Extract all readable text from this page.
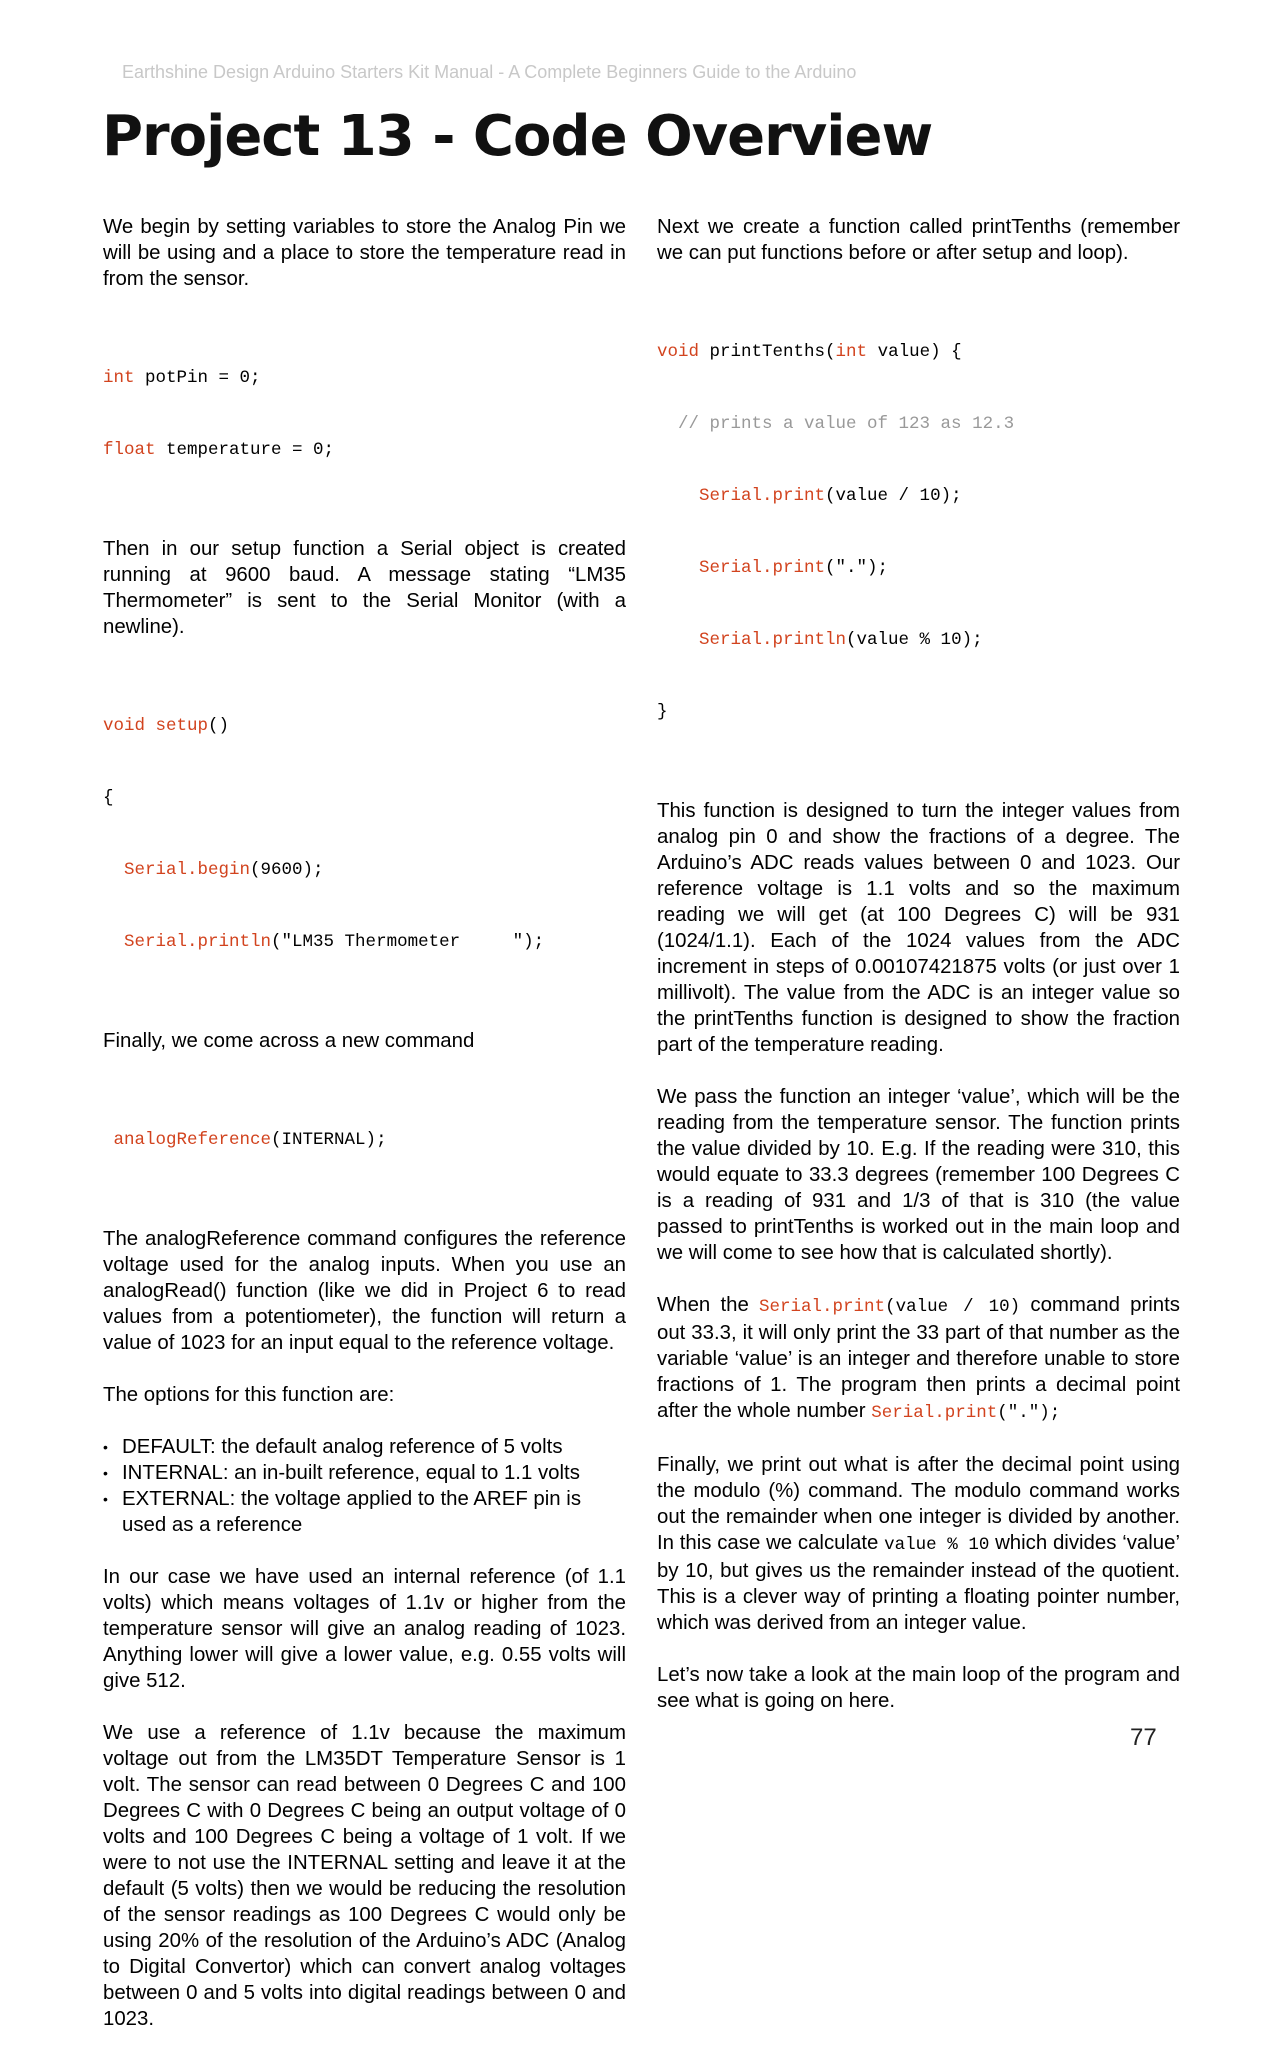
Earthshine Design Arduino Starters Kit Manual - A Complete Beginners Guide to the Arduino
Project 13 - Code Overview

We begin by setting variables to store the Analog Pin we will be using and a place to store the temperature read in from the sensor.

int potPin = 0;

float temperature = 0;

Then in our setup function a Serial object is created running at 9600 baud. A message stating “LM35 Thermometer” is sent to the Serial Monitor (with a newline).

void setup()

{

Serial.begin(9600);

Serial.println("LM35 Thermometer     ");

Finally, we come across a new command

analogReference(INTERNAL);

The analogReference command configures the reference voltage used for the analog inputs. When you use an analogRead() function (like we did in Project 6 to read values from a potentiometer), the function will return a value of 1023 for an input equal to the reference voltage.

The options for this function are:

• DEFAULT: the default analog reference of 5 volts
• INTERNAL: an in-built reference, equal to 1.1 volts
• EXTERNAL: the voltage applied to the AREF pin is used as a reference

In our case we have used an internal reference (of 1.1 volts) which means voltages of 1.1v or higher from the temperature sensor will give an analog reading of 1023. Anything lower will give a lower value, e.g. 0.55 volts will give 512.

We use a reference of 1.1v because the maximum voltage out from the LM35DT Temperature Sensor is 1 volt. The sensor can read between 0 Degrees C and 100 Degrees C with 0 Degrees C being an output voltage of 0 volts and 100 Degrees C being a voltage of 1 volt. If we were to not use the INTERNAL setting and leave it at the default (5 volts) then we would be reducing the resolution of the sensor readings as 100 Degrees C would only be using 20% of the resolution of the Arduino’s ADC (Analog to Digital Convertor) which can convert analog voltages between 0 and 5 volts into digital readings between 0 and 1023.

Next we create a function called printTenths (remember we can put functions before or after setup and loop).

void printTenths(int value) {

// prints a value of 123 as 12.3

Serial.print(value / 10);

Serial.print(".");

Serial.println(value % 10);

}

This function is designed to turn the integer values from analog pin 0 and show the fractions of a degree. The Arduino’s ADC reads values between 0 and 1023. Our reference voltage is 1.1 volts and so the maximum reading we will get (at 100 Degrees C) will be 931 (1024/1.1). Each of the 1024 values from the ADC increment in steps of 0.00107421875 volts (or just over 1 millivolt). The value from the ADC is an integer value so the printTenths function is designed to show the fraction part of the temperature reading.

We pass the function an integer ‘value’, which will be the reading from the temperature sensor. The function prints the value divided by 10. E.g. If the reading were 310, this would equate to 33.3 degrees (remember 100 Degrees C is a reading of 931 and 1/3 of that is 310 (the value passed to printTenths is worked out in the main loop and we will come to see how that is calculated shortly).

When the Serial.print(value / 10) command prints out 33.3, it will only print the 33 part of that number as the variable ‘value’ is an integer and therefore unable to store fractions of 1. The program then prints a decimal point after the whole number Serial.print(".");

Finally, we print out what is after the decimal point using the modulo (%) command. The modulo command works out the remainder when one integer is divided by another. In this case we calculate value % 10 which divides ‘value’ by 10, but gives us the remainder instead of the quotient. This is a clever way of printing a floating pointer number, which was derived from an integer value.

Let’s now take a look at the main loop of the program and see what is going on here.

77
